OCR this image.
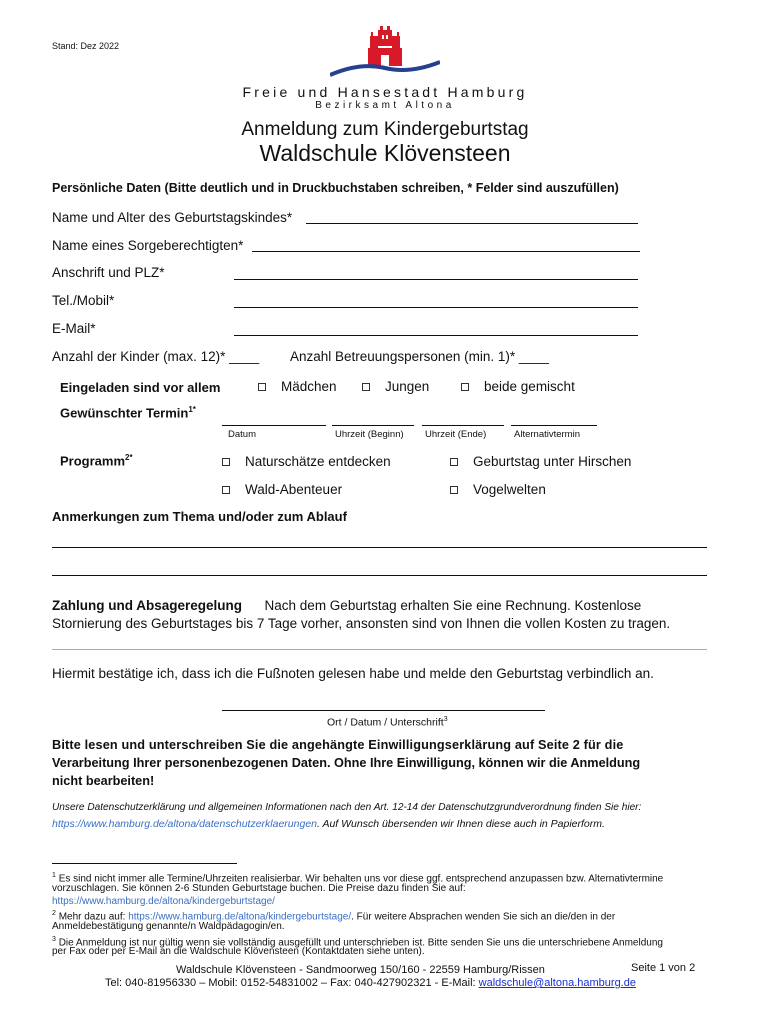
Stand: Dez 2022
Freie und Hansestadt Hamburg
Bezirksamt Altona
Anmeldung zum Kindergeburtstag
Waldschule Klövensteen
Persönliche Daten (Bitte deutlich und in Druckbuchstaben schreiben, * Felder sind auszufüllen)
Name und Alter des Geburtstagskindes*
Name eines Sorgeberechtigten*
Anschrift und PLZ*
Tel./Mobil*
E-Mail*
Anzahl der Kinder (max. 12)* ____ Anzahl Betreuungspersonen (min. 1)* ____
Eingeladen sind vor allem	Mädchen	Jungen	beide gemischt
Gewünschter Termin$^{1*}$
Datum	Uhrzeit (Beginn) Uhrzeit (Ende)	Alternativtermin
Programm$^{2*}$	Naturschätze entdecken	Geburtstag unter Hirschen
Wald-Abenteuer	Vogelwelten
Anmerkungen zum Thema und/oder zum Ablauf
Zahlung und Absageregelung Nach dem Geburtstag erhalten Sie eine Rechnung. Kostenlose
Stornierung des Geburtstages bis 7 Tage vorher, ansonsten sind von Ihnen die vollen Kosten zu tragen.
Hiermit bestätige ich, dass ich die Fußnoten gelesen habe und melde den Geburtstag verbindlich an.
Ort / Datum / Unterschrift$^3$
Bitte lesen und unterschreiben Sie die angehängte Einwilligungserklärung auf Seite 2 für die
Verarbeitung Ihrer personenbezogenen Daten. Ohne Ihre Einwilligung, können wir die Anmeldung
nicht bearbeiten!
Unsere Datenschutzerklärung und allgemeinen Informationen nach den Art. 12-14 der Datenschutzgrundverordnung finden Sie hier:
https://www.hamburg.de/altona/datenschutzerklaerungen. Auf Wunsch übersenden wir Ihnen diese auch in Papierform.
$^1$ Es sind nicht immer alle Termine/Uhrzeiten realisierbar. Wir behalten uns vor diese ggf. entsprechend anzupassen bzw. Alternativtermine
vorzuschlagen. Sie können 2-6 Stunden Geburtstage buchen. Die Preise dazu finden Sie auf:
https://www.hamburg.de/altona/kindergeburtstage/
$^2$ Mehr dazu auf: https://www.hamburg.de/altona/kindergeburtstage/. Für weitere Absprachen wenden Sie sich an die/den in der
Anmeldebestätigung genannte/n Waldpädagogin/en.
$^3$ Die Anmeldung ist nur gültig wenn sie vollständig ausgefüllt und unterschrieben ist. Bitte senden Sie uns die unterschriebene Anmeldung
per Fax oder per E-Mail an die Waldschule Klövensteen (Kontaktdaten siehe unten).
Waldschule Klövensteen - Sandmoorweg 150/160 - 22559 Hamburg/Rissen	Seite 1 von 2
Tel: 040-81956330 – Mobil: 0152-54831002 – Fax: 040-427902321 - E-Mail: waldschule@altona.hamburg.de
